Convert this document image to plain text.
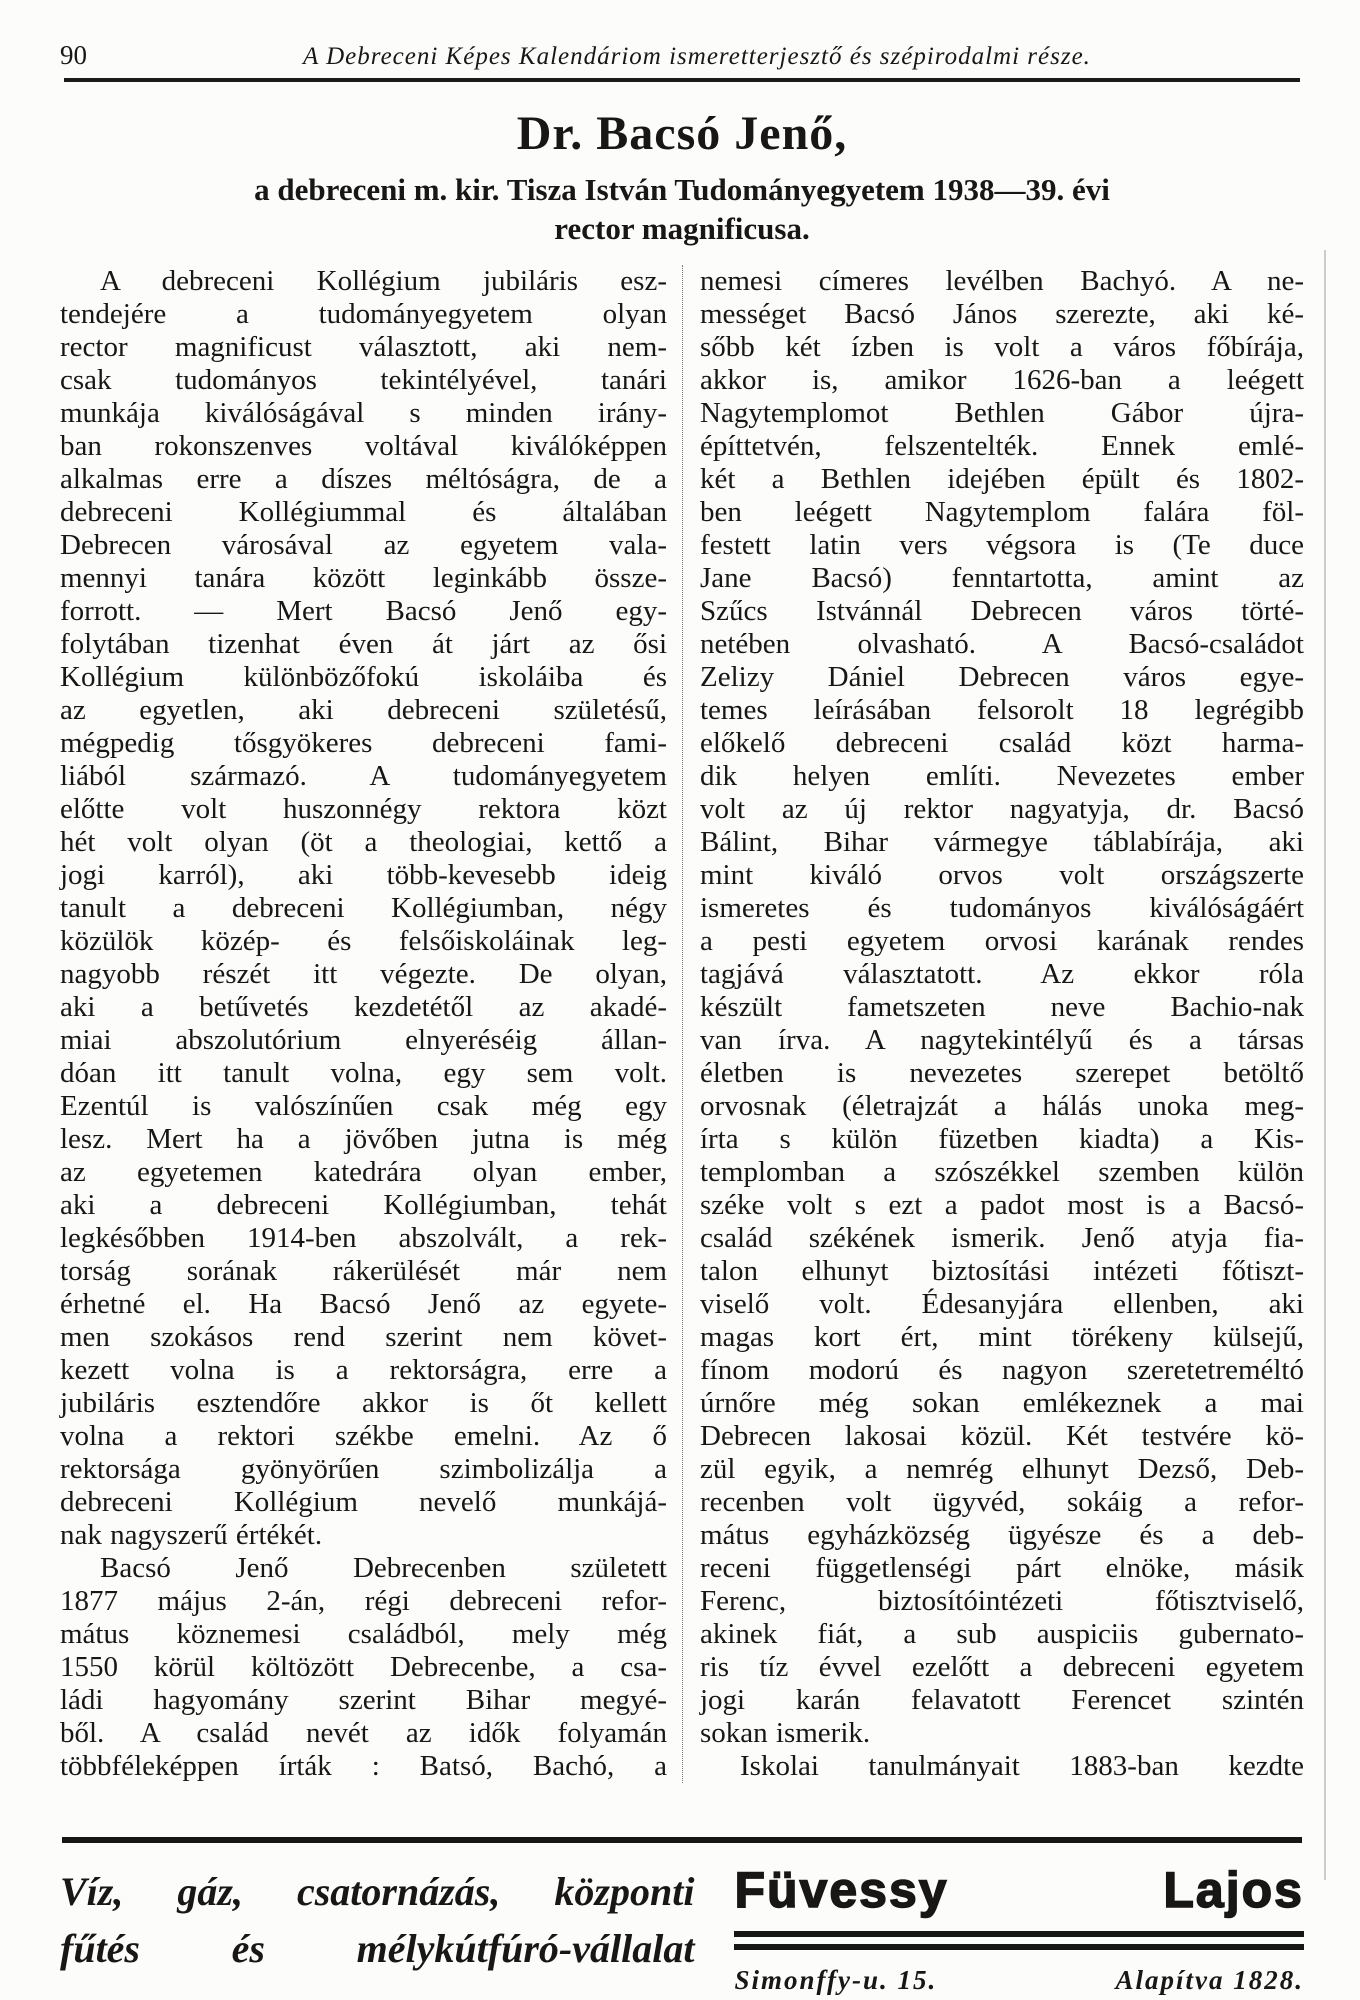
90	A Debreceni Képes Kalendáriom ismeretterjesztő és szépirodalmi része.
Dr. Bacsó Jenő,
a debreceni m. kir. Tisza István Tudományegyetem 1938—39. évi
rector magnificusa.
A debreceni Kollégium jubiláris esz-
tendejére a tudományegyetem olyan
rector magnificust választott, aki nem-
csak tudományos tekintélyével, tanári
munkája kiválóságával s minden irány-
ban rokonszenves voltával kiválóképpen
alkalmas erre a díszes méltóságra, de a
debreceni Kollégiummal és általában
Debrecen városával az egyetem vala-
mennyi tanára között leginkább össze-
forrott. — Mert Bacsó Jenő egy-
folytában tizenhat éven át járt az ősi
Kollégium különbözőfokú iskoláiba és
az egyetlen, aki debreceni születésű,
mégpedig tősgyökeres debreceni fami-
liából származó. A tudományegyetem
előtte volt huszonnégy rektora közt
hét volt olyan (öt a theologiai, kettő a
jogi karról), aki több-kevesebb ideig
tanult a debreceni Kollégiumban, négy
közülök közép- és felsőiskoláinak leg-
nagyobb részét itt végezte. De olyan,
aki a betűvetés kezdetétől az akadé-
miai abszolutórium elnyeréséig állan-
dóan itt tanult volna, egy sem volt.
Ezentúl is valószínűen csak még egy
lesz. Mert ha a jövőben jutna is még
az egyetemen katedrára olyan ember,
aki a debreceni Kollégiumban, tehát
legkésőbben 1914-ben abszolvált, a rek-
torság sorának rákerülését már nem
érhetné el. Ha Bacsó Jenő az egyete-
men szokásos rend szerint nem követ-
kezett volna is a rektorságra, erre a
jubiláris esztendőre akkor is őt kellett
volna a rektori székbe emelni. Az ő
rektorsága gyönyörűen szimbolizálja a
debreceni Kollégium nevelő munkájá-
nak nagyszerű értékét.
Bacsó Jenő Debrecenben született
1877 május 2-án, régi debreceni refor-
mátus köznemesi családból, mely még
1550 körül költözött Debrecenbe, a csa-
ládi hagyomány szerint Bihar megyé-
ből. A család nevét az idők folyamán
többféleképpen írták : Batsó, Bachó, a
nemesi címeres levélben Bachyó. A ne-
mességet Bacsó János szerezte, aki ké-
sőbb két ízben is volt a város főbírája,
akkor is, amikor 1626-ban a leégett
Nagytemplomot Bethlen Gábor újra-
építtetvén, felszentelték. Ennek emlé-
két a Bethlen idejében épült és 1802-
ben leégett Nagytemplom falára föl-
festett latin vers végsora is (Te duce
Jane Bacsó) fenntartotta, amint az
Szűcs Istvánnál Debrecen város törté-
netében olvasható. A Bacsó-családot
Zelizy Dániel Debrecen város egye-
temes leírásában felsorolt 18 legrégibb
előkelő debreceni család közt harma-
dik helyen említi. Nevezetes ember
volt az új rektor nagyatyja, dr. Bacsó
Bálint, Bihar vármegye táblabírája, aki
mint kiváló orvos volt országszerte
ismeretes és tudományos kiválóságáért
a pesti egyetem orvosi karának rendes
tagjává választatott. Az ekkor róla
készült fametszeten neve Bachio-nak
van írva. A nagytekintélyű és a társas
életben is nevezetes szerepet betöltő
orvosnak (életrajzát a hálás unoka meg-
írta s külön füzetben kiadta) a Kis-
templomban a szószékkel szemben külön
széke volt s ezt a padot most is a Bacsó-
család székének ismerik. Jenő atyja fia-
talon elhunyt biztosítási intézeti főtiszt-
viselő volt. Édesanyjára ellenben, aki
magas kort ért, mint törékeny külsejű,
fínom modorú és nagyon szeretetreméltó
úrnőre még sokan emlékeznek a mai
Debrecen lakosai közül. Két testvére kö-
zül egyik, a nemrég elhunyt Dezső, Deb-
recenben volt ügyvéd, sokáig a refor-
mátus egyházközség ügyésze és a deb-
receni függetlenségi párt elnöke, másik
Ferenc, biztosítóintézeti főtisztviselő,
akinek fiát, a sub auspiciis gubernato-
ris tíz évvel ezelőtt a debreceni egyetem
jogi karán felavatott Ferencet szintén
sokan ismerik.
Iskolai tanulmányait 1883-ban kezdte
Víz, gáz, csatornázás, központi
fűtés és mélykútfúró-vállalat
Füvessy Lajos
Simonffy-u. 15.	Alapítva 1828.
